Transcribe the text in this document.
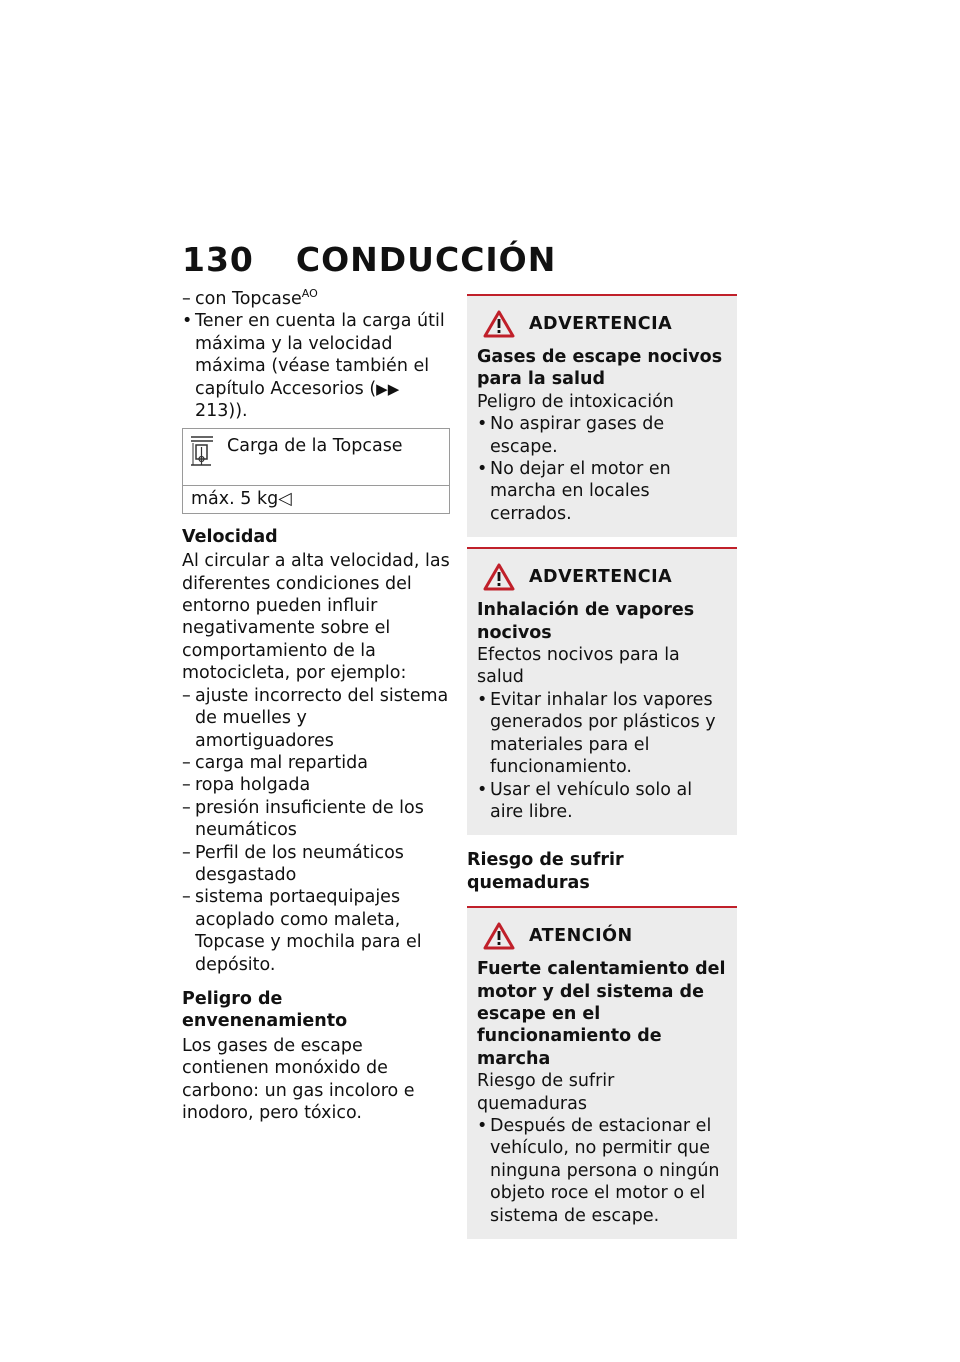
130 CONDUCCIÓN
– con Topcase$^{AO}$
• Tener en cuenta la carga útil máxima y la velocidad máxima (véase también el capítulo Accesorios (▶▶ 213)).
Carga de la Topcase
máx. 5 kg◁
Velocidad

Al circular a alta velocidad, las diferentes condiciones del entorno pueden influir negativamente sobre el comportamiento de la motocicleta, por ejemplo:

– ajuste incorrecto del sistema de muelles y amortiguadores
– carga mal repartida
– ropa holgada
– presión insuficiente de los neumáticos
– Perfil de los neumáticos desgastado
– sistema portaequipajes acoplado como maleta, Topcase y mochila para el depósito.
Peligro de envenenamiento

Los gases de escape contienen monóxido de carbono: un gas incoloro e inodoro, pero tóxico.

ADVERTENCIA
Gases de escape nocivos para la salud
Peligro de intoxicación
• No aspirar gases de escape.
• No dejar el motor en marcha en locales cerrados.
ADVERTENCIA
Inhalación de vapores nocivos
Efectos nocivos para la salud
• Evitar inhalar los vapores generados por plásticos y materiales para el funcionamiento.
• Usar el vehículo solo al aire libre.
Riesgo de sufrir quemaduras
ATENCIÓN
Fuerte calentamiento del motor y del sistema de escape en el funcionamiento de marcha
Riesgo de sufrir quemaduras
• Después de estacionar el vehículo, no permitir que ninguna persona o ningún objeto roce el motor o el sistema de escape.
